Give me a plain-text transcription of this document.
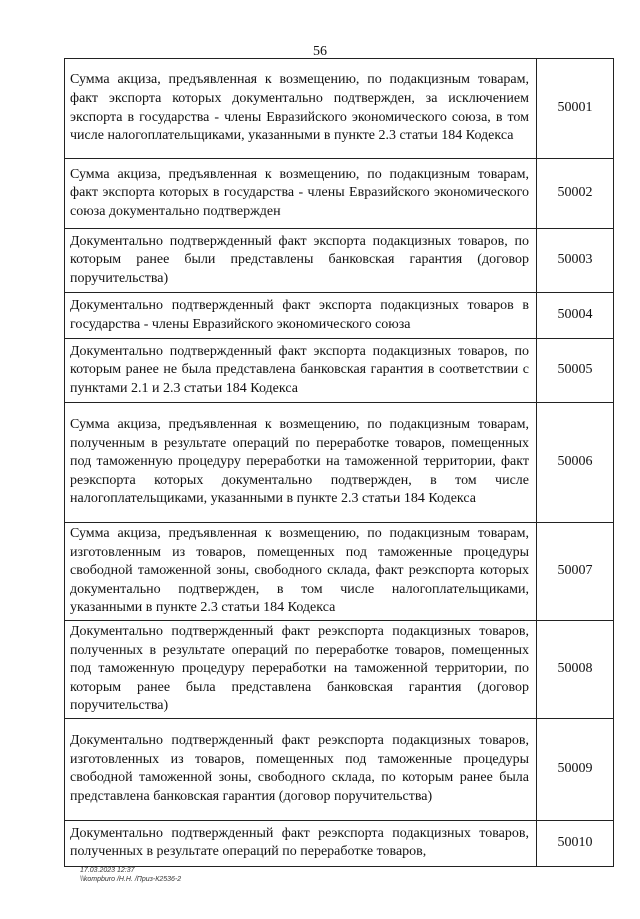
56
Сумма акциза, предъявленная к возмещению, по подакцизным товарам, факт экспорта которых документально подтвержден, за исключением экспорта в государства - члены Евразийского экономического союза, в том числе налогоплательщиками, указанными в пункте 2.3 статьи 184 Кодекса	50001
Сумма акциза, предъявленная к возмещению, по подакцизным товарам, факт экспорта которых в государства - члены Евразийского экономического союза документально подтвержден	50002
Документально подтвержденный факт экспорта подакцизных товаров, по которым ранее были представлены банковская гарантия (договор поручительства)	50003
Документально подтвержденный факт экспорта подакцизных товаров в государства - члены Евразийского экономического союза	50004
Документально подтвержденный факт экспорта подакцизных товаров, по которым ранее не была представлена банковская гарантия в соответствии с пунктами 2.1 и 2.3 статьи 184 Кодекса	50005
Сумма акциза, предъявленная к возмещению, по подакцизным товарам, полученным в результате операций по переработке товаров, помещенных под таможенную процедуру переработки на таможенной территории, факт реэкспорта которых документально подтвержден, в том числе налогоплательщиками, указанными в пункте 2.3 статьи 184 Кодекса	50006
Сумма акциза, предъявленная к возмещению, по подакцизным товарам, изготовленным из товаров, помещенных под таможенные процедуры свободной таможенной зоны, свободного склада, факт реэкспорта которых документально подтвержден, в том числе налогоплательщиками, указанными в пункте 2.3 статьи 184 Кодекса	50007
Документально подтвержденный факт реэкспорта подакцизных товаров, полученных в результате операций по переработке товаров, помещенных под таможенную процедуру переработки на таможенной территории, по которым ранее была представлена банковская гарантия (договор поручительства)	50008
Документально подтвержденный факт реэкспорта подакцизных товаров, изготовленных из товаров, помещенных под таможенные процедуры свободной таможенной зоны, свободного склада, по которым ранее была представлена банковская гарантия (договор поручительства)	50009
Документально подтвержденный факт реэкспорта подакцизных товаров, полученных в результате операций по переработке товаров,	50010
17.03.2023 12:37
\\kompburo /Н.Н. /Приз-К2536-2
